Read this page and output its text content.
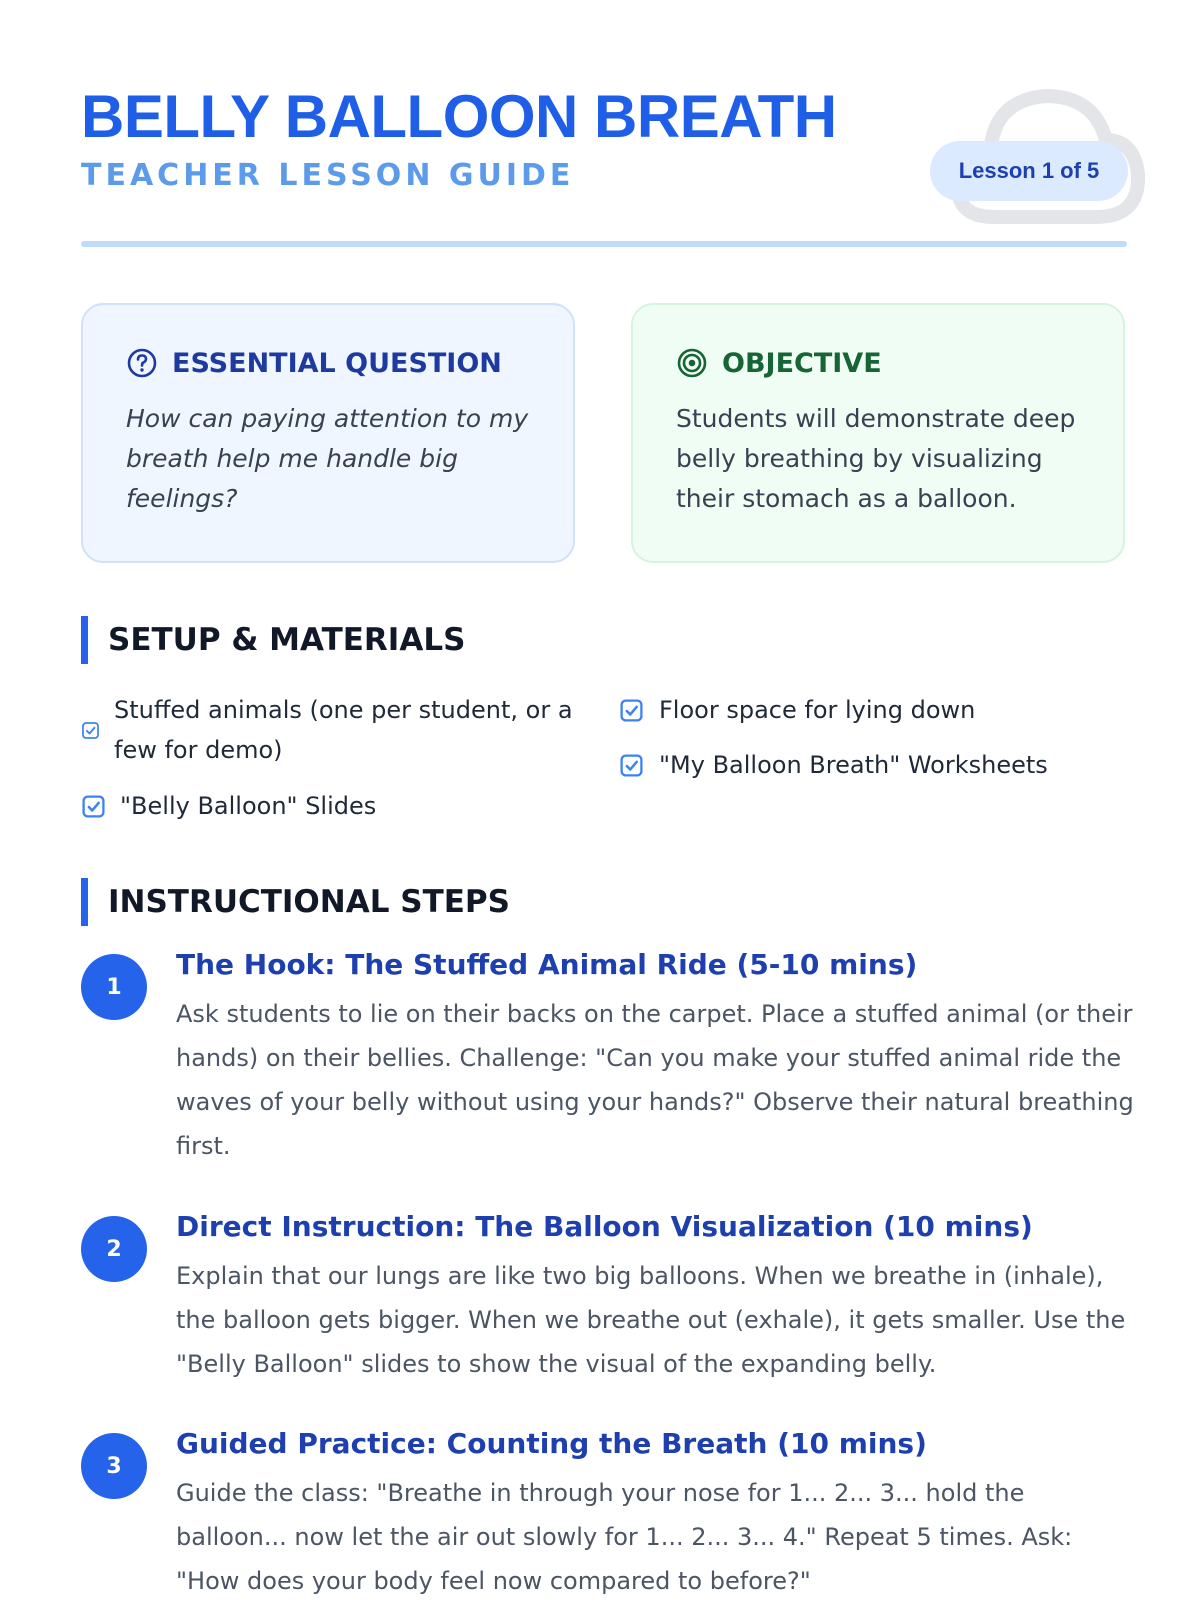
BELLY BALLOON BREATH
TEACHER LESSON GUIDE	Lesson 1 of 5
ESSENTIAL QUESTION
How can paying attention to my breath help me handle big feelings?
OBJECTIVE
Students will demonstrate deep belly breathing by visualizing their stomach as a balloon.
SETUP & MATERIALS
Stuffed animals (one per student, or a few for demo)
"Belly Balloon" Slides
Floor space for lying down
"My Balloon Breath" Worksheets
INSTRUCTIONAL STEPS
1
The Hook: The Stuffed Animal Ride (5-10 mins)
Ask students to lie on their backs on the carpet. Place a stuffed animal (or their hands) on their bellies. Challenge: "Can you make your stuffed animal ride the waves of your belly without using your hands?" Observe their natural breathing first.
2
Direct Instruction: The Balloon Visualization (10 mins)
Explain that our lungs are like two big balloons. When we breathe in (inhale), the balloon gets bigger. When we breathe out (exhale), it gets smaller. Use the "Belly Balloon" slides to show the visual of the expanding belly.
3
Guided Practice: Counting the Breath (10 mins)
Guide the class: "Breathe in through your nose for 1... 2... 3... hold the balloon... now let the air out slowly for 1... 2... 3... 4." Repeat 5 times. Ask: "How does your body feel now compared to before?"
